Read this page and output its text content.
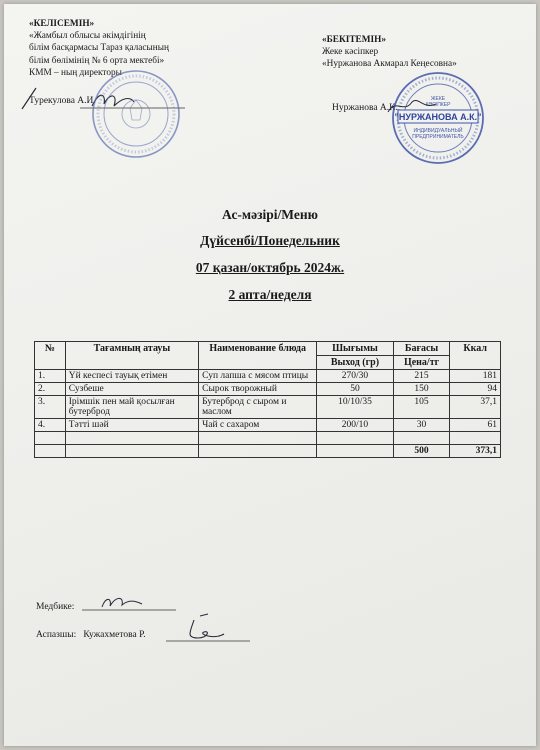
«КЕЛІСЕМІН»
«Жамбыл облысы әкімдігінің
білім басқармасы Тараз қаласының
білім бөлімінің № 6 орта мектебі»
КММ – ның директоры
Турекулова А.И.
«БЕКІТЕМІН»
Жеке кәсіпкер
«Нуржанова Акмарал Кеңесовна»
Нуржанова А.К.
"НУРЖАНОВА А.К."
ЖЕКЕ
КӘСІПКЕР
ИНДИВИДУАЛЬНЫЙ
ПРЕДПРИНИМАТЕЛЬ
Ас-мәзірі/Меню
Дүйсенбі/Понедельник
07 қазан/октябрь 2024ж.
2 апта/неделя
№	Тағамның атауы	Наименование блюда	Шығымы	Бағасы	Ккал
			Выход (гр)	Цена/тг	
1.	Үй кеспесі тауық етімен	Суп лапша с мясом птицы	270/30	215	181
2.	Сузбеше	Сырок творожный	50	150	94
3.	Ірімшік пен май қосылған бутерброд	Бутерброд с сыром и маслом	10/10/35	105	37,1
4.	Тәтті шәй	Чай с сахаром	200/10	30	61

				500	373,1
Медбике:
Аспазшы: Кужахметова Р.
